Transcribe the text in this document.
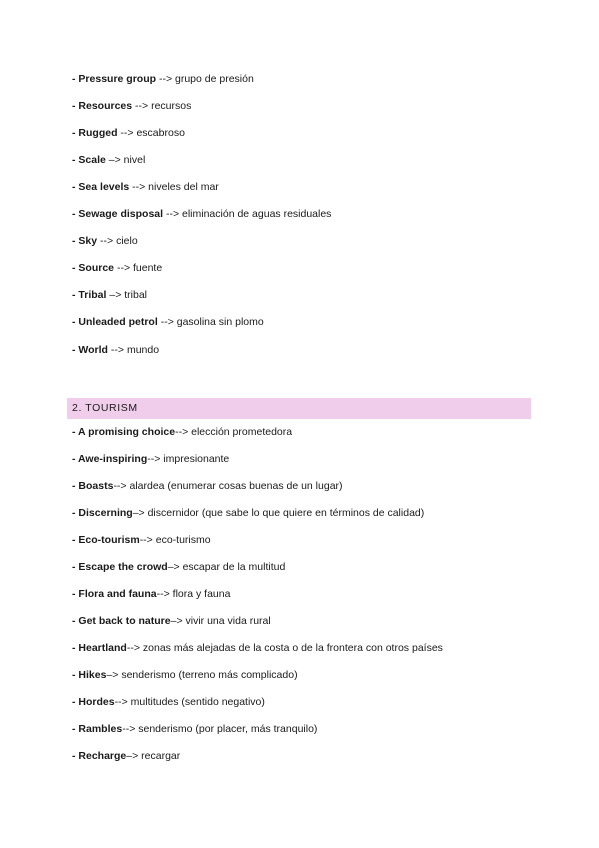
- Pressure group --> grupo de presión
- Resources --> recursos
- Rugged --> escabroso
- Scale –> nivel
- Sea levels --> niveles del mar
- Sewage disposal --> eliminación de aguas residuales
- Sky --> cielo
- Source --> fuente
- Tribal –> tribal
- Unleaded petrol --> gasolina sin plomo
- World --> mundo
2. TOURISM
- A promising choice--> elección prometedora
- Awe-inspiring--> impresionante
- Boasts--> alardea (enumerar cosas buenas de un lugar)
- Discerning–> discernidor (que sabe lo que quiere en términos de calidad)
- Eco-tourism--> eco-turismo
- Escape the crowd–> escapar de la multitud
- Flora and fauna--> flora y fauna
- Get back to nature–> vivir una vida rural
- Heartland--> zonas más alejadas de la costa o de la frontera con otros países
- Hikes–> senderismo (terreno más complicado)
- Hordes--> multitudes (sentido negativo)
- Rambles--> senderismo (por placer, más tranquilo)
- Recharge–> recargar
